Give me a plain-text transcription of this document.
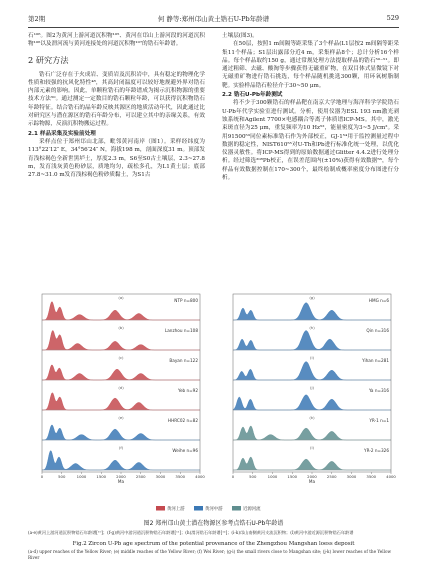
第2期	何 静等:郑州邙山黄土锆石U-Pb年龄谱	529

石¹⁰⁶。图2为黄河上游河道沉积物¹⁰⁵、黄河在邙山上游河段的河道沉积物¹⁰⁶以及渭河流与黄河连接处的河道沉积物¹⁰⁷的锆石年龄谱。

2 研究方法

锆石广泛存在于火成岩、变质岩及沉积岩中，具有稳定的物理化学性质和较强的抗风化特性⁴⁸，其高封闭温度可以较好地规避外界对锆石内部元素的影响。因此，单颗粒锆石的年龄谱成为揭示沉积物源的重要技术方法⁵⁰。通过测定一定数目的锆石颗粒年龄，可以获得沉积物锆石年龄特征。结合锆石的晶年龄反映其源区的地质活动年代，因此通过比对研究区与潜在源区的锆石年龄分布，可以建立其中的亲缘关系，有效示踪物源，反演沉积物搬运过程。

2.1 样品采集及实验前处理

采样点位于郑州邙山北部，毗邻黄河南岸（图1）。采样经纬度为113°22′12″ E，34°56′24″ N，海拔198 m，剖面深度31 m。顶部发育浅棕褐色全新世黑垆土，厚度2.3 m，S6至S0古土壤层，2.3~27.8 m，发育浅灰黄色粉砂层，质地均匀，疏松多孔，为L1黄土层；底部27.8~31.0 m发育浅棕褐色粉砂质黏土，为S1古

土壤层(图3)。

在50层，按照1 m间隔等距采集了3个样品(L1层按2 m间隔等距采集11个样品；S1层出露部分近4 m，采集样品8个；总计分析16个样品。每个样品取约150 g，通过常规处理方法提取样品的锆石⁵⁰⁻⁵¹。即通过粗筛、去磁、酸淘等步骤获得无磁重矿物，在双目体式显微镜下对无磁重矿物进行锆石挑选，每个样品随机挑选300颗，用环氧树脂制靶。实验样品锆石粒径介于30~50 μm。

2.2 锆石U-Pb年龄测试

将不少于300颗锆石的样品靶在南京大学地理与海洋科学学院锆石U-Pb年代学实验室进行测试。分析，使用仪器为ESL 193 nm激光剥蚀系统和Agilent 7700×电感耦合等离子体质谱ICP-MS。其中，激光束斑直径为25 μm，重复频率为10 Hz⁵²，能量密度为3~5 J/cm²。采用91500⁵³同位素标准锆石作为外部校正，GJ-1⁵⁴用于监控测量过程中数据的稳定性，NIST610⁵⁵对U-Th和Pb进行标准化统一处理，以优化仪器灵敏性。将ICP-MS得到的原始数据通过Glitter 4.4.2进行处理分析。经过筛选²⁰⁸Pb校正，在误差范围内(±10%)获得有效数据⁵⁶，每个样品有效数据控制在170~300个，最终绘制成概率密度分布图进行分析。

NTP n=800
(a)
Lanzhou n=108
(b)
Bayan n=122
(c)
Yeb n=92
(d)
HHRC02 n=82
(e)
Weihe n=96
(f)
0	500	1000	1500	2000	2500	3000	3500	4000
Ma
HMG n=6
(g)
Qin n=316
(h)
Yihan n=281
(i)
Ya n=316
(j)
YR-1 n=1
(k)
YR-2 n=326
(l)
0	500	1000	1500	2000	2500	3000	3500	4000
Ma
黄河上游	黄河中游	近源河流
图2 郑州邙山黄土潜在物源区参考点锆石U-Pb年龄谱
(a-e)黄河上游河道沉积物锆石年龄谱[¹⁰]；(f-g)黄河中游河道沉积物锆石年龄谱[¹¹]；(h)渭河锆石年龄谱[¹²]；(i-k)邙山南侧黄河支流沉积物；(l)黄河中游近源沉积物锆石年龄谱
Fig.2 Zircon U-Pb age spectrum of the potential provenance of the Zhengzhou Mangshan loess deposit
(a-d) upper reaches of the Yellow River; (e) middle reaches of the Yellow River; (f) Wei River; (g-i) the small rivers close to Mangshan site; (j-k) lower reaches of the Yellow River
